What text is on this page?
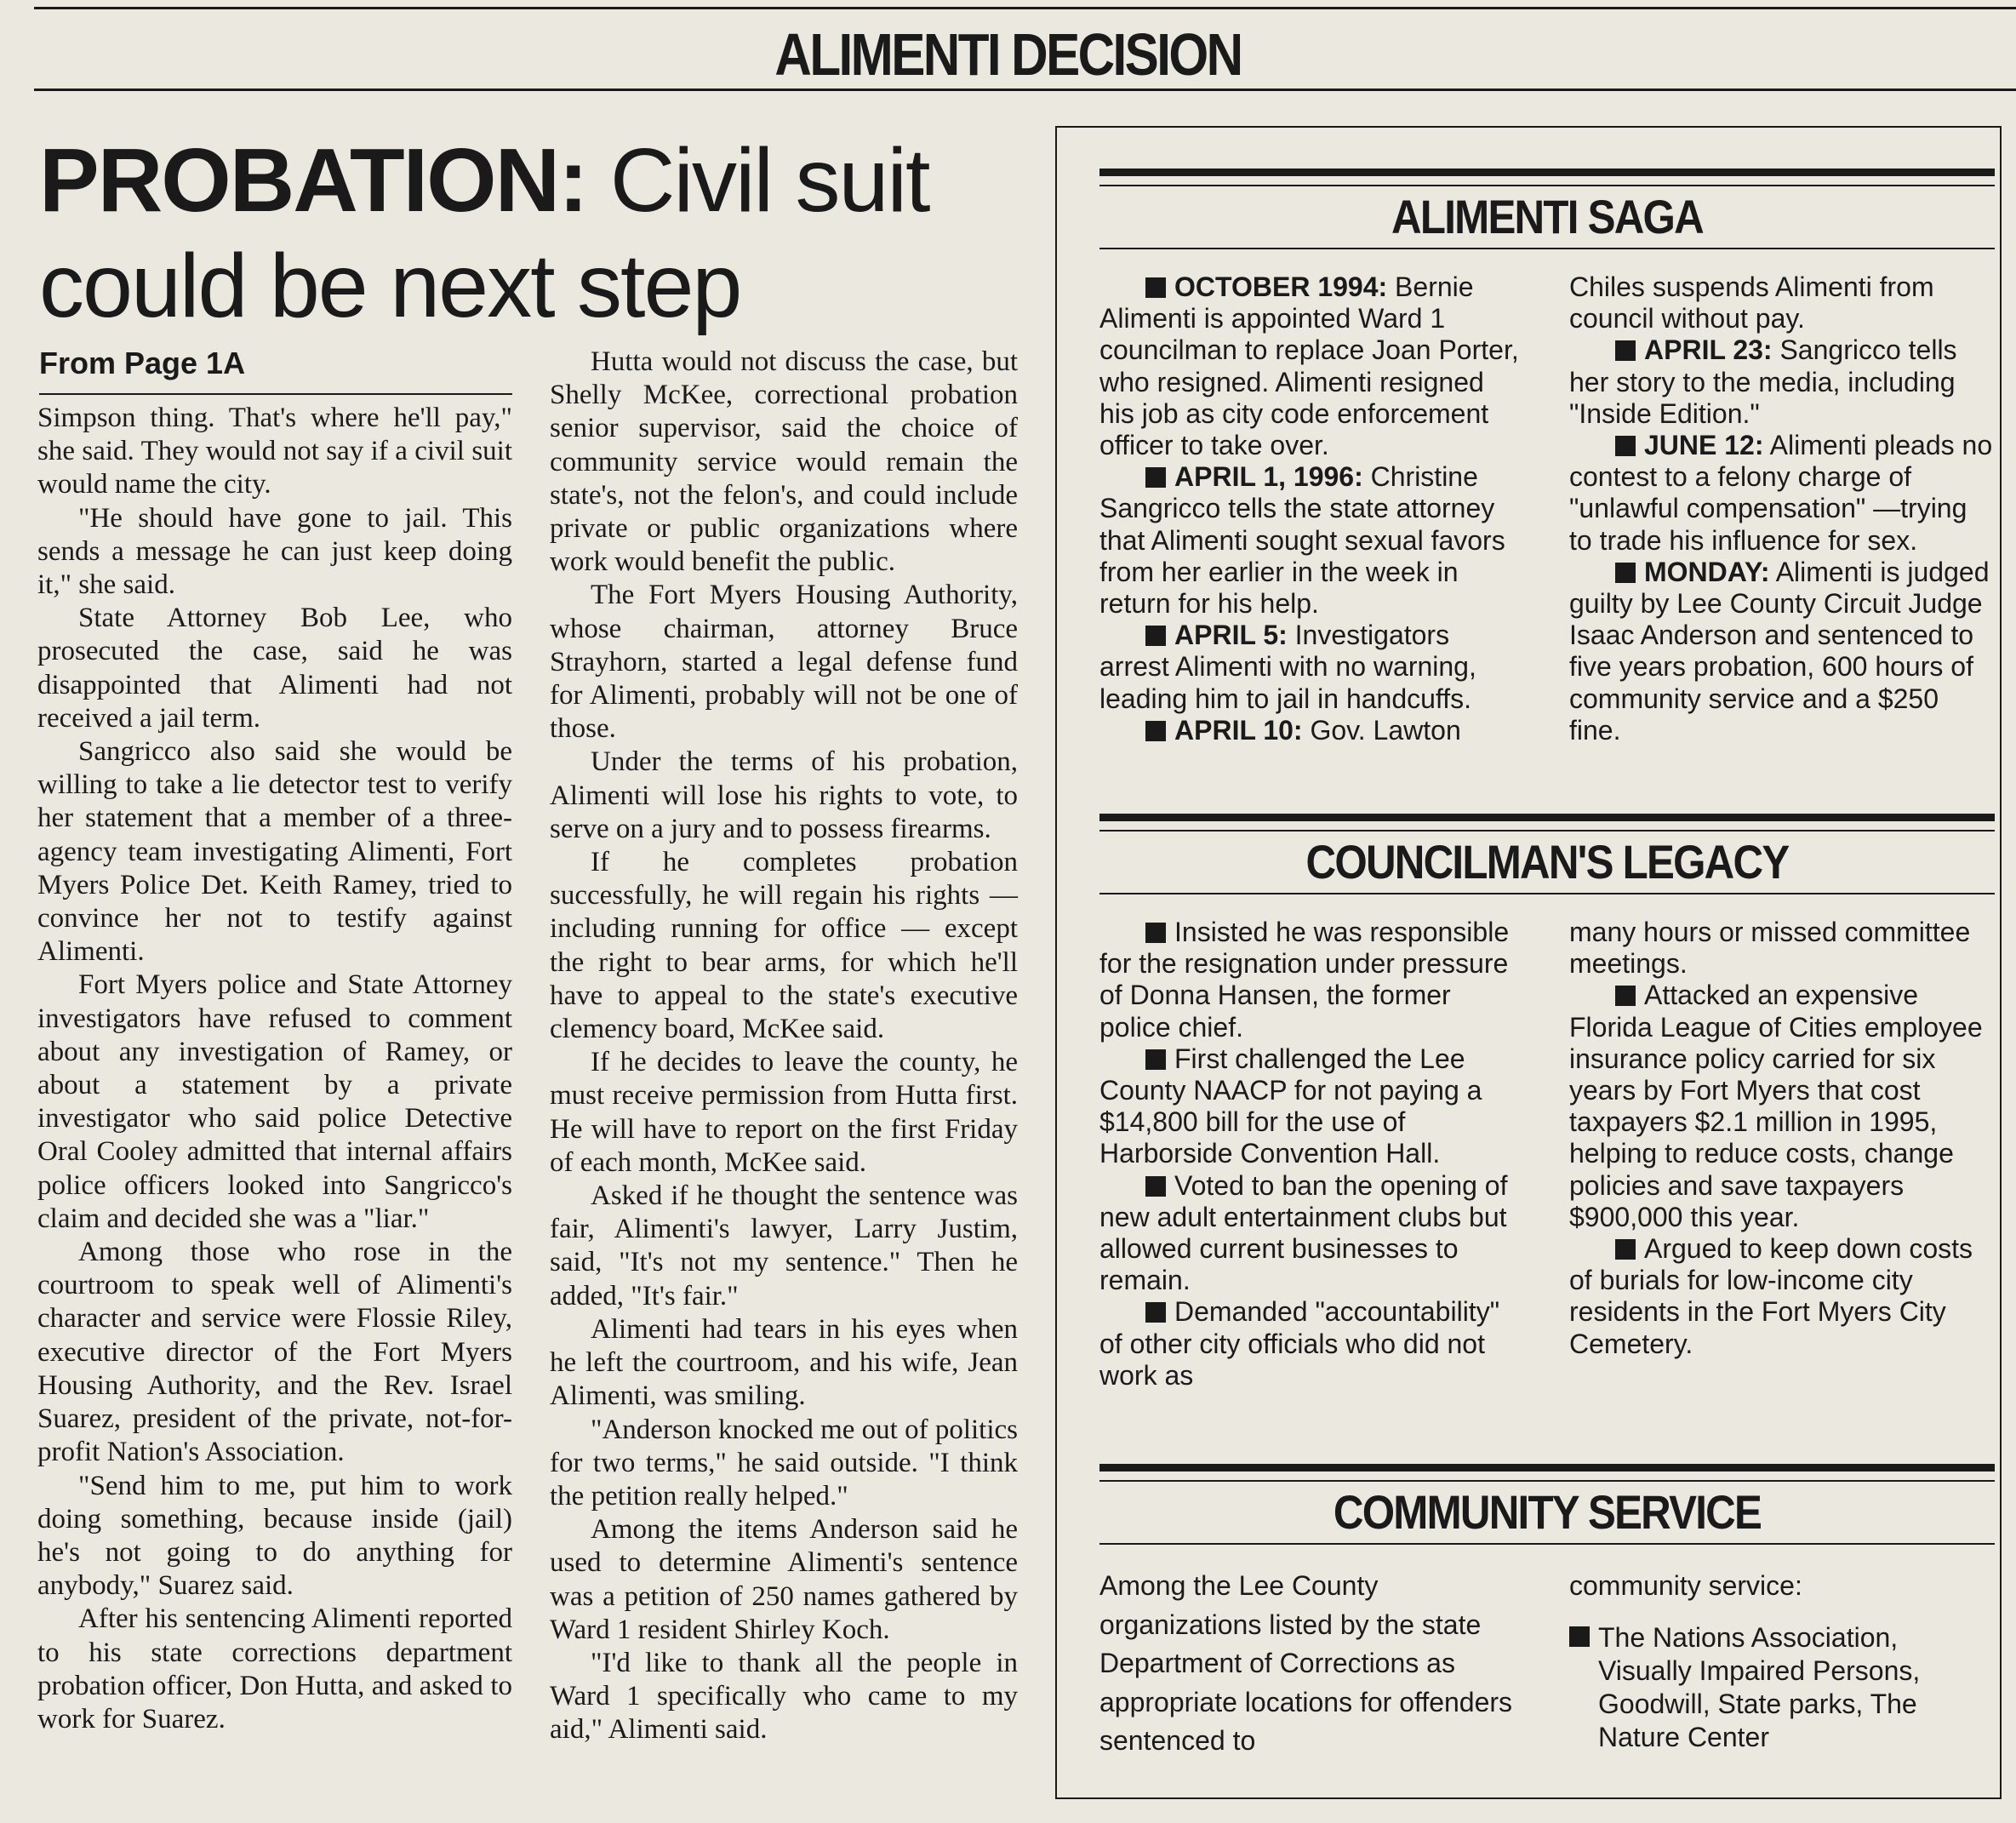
ALIMENTI DECISION
PROBATION: Civil suit could be next step
From Page 1A

Simpson thing. That's where he'll pay," she said. They would not say if a civil suit would name the city.

"He should have gone to jail. This sends a message he can just keep doing it," she said.

State Attorney Bob Lee, who prosecuted the case, said he was disappointed that Alimenti had not received a jail term.

Sangricco also said she would be willing to take a lie detector test to verify her statement that a member of a three-agency team investigating Alimenti, Fort Myers Police Det. Keith Ramey, tried to convince her not to testify against Alimenti.

Fort Myers police and State Attorney investigators have refused to comment about any investigation of Ramey, or about a statement by a private investigator who said police Detective Oral Cooley admitted that internal affairs police officers looked into Sangricco's claim and decided she was a "liar."

Among those who rose in the courtroom to speak well of Alimenti's character and service were Flossie Riley, executive director of the Fort Myers Housing Authority, and the Rev. Israel Suarez, president of the private, not-for-profit Nation's Association.

"Send him to me, put him to work doing something, because inside (jail) he's not going to do anything for anybody," Suarez said.

After his sentencing Alimenti reported to his state corrections department probation officer, Don Hutta, and asked to work for Suarez.

Hutta would not discuss the case, but Shelly McKee, correctional probation senior supervisor, said the choice of community service would remain the state's, not the felon's, and could include private or public organizations where work would benefit the public.

The Fort Myers Housing Authority, whose chairman, attorney Bruce Strayhorn, started a legal defense fund for Alimenti, probably will not be one of those.

Under the terms of his probation, Alimenti will lose his rights to vote, to serve on a jury and to possess firearms.

If he completes probation successfully, he will regain his rights —including running for office — except the right to bear arms, for which he'll have to appeal to the state's executive clemency board, McKee said.

If he decides to leave the county, he must receive permission from Hutta first. He will have to report on the first Friday of each month, McKee said.

Asked if he thought the sentence was fair, Alimenti's lawyer, Larry Justim, said, "It's not my sentence." Then he added, "It's fair."

Alimenti had tears in his eyes when he left the courtroom, and his wife, Jean Alimenti, was smiling.

"Anderson knocked me out of politics for two terms," he said outside. "I think the petition really helped."

Among the items Anderson said he used to determine Alimenti's sentence was a petition of 250 names gathered by Ward 1 resident Shirley Koch.

"I'd like to thank all the people in Ward 1 specifically who came to my aid," Alimenti said.

ALIMENTI SAGA

OCTOBER 1994: Bernie Alimenti is appointed Ward 1 councilman to replace Joan Porter, who resigned. Alimenti resigned his job as city code enforcement officer to take over.

APRIL 1, 1996: Christine Sangricco tells the state attorney that Alimenti sought sexual favors from her earlier in the week in return for his help.

APRIL 5: Investigators arrest Alimenti with no warning, leading him to jail in handcuffs.

APRIL 10: Gov. Lawton

Chiles suspends Alimenti from council without pay.

APRIL 23: Sangricco tells her story to the media, including "Inside Edition."

JUNE 12: Alimenti pleads no contest to a felony charge of "unlawful compensation" —trying to trade his influence for sex.

MONDAY: Alimenti is judged guilty by Lee County Circuit Judge Isaac Anderson and sentenced to five years probation, 600 hours of community service and a $250 fine.

COUNCILMAN'S LEGACY

Insisted he was responsible for the resignation under pressure of Donna Hansen, the former police chief.

First challenged the Lee County NAACP for not paying a $14,800 bill for the use of Harborside Convention Hall.

Voted to ban the opening of new adult entertainment clubs but allowed current businesses to remain.

Demanded "accountability" of other city officials who did not work as

many hours or missed committee meetings.

Attacked an expensive Florida League of Cities employee insurance policy carried for six years by Fort Myers that cost taxpayers $2.1 million in 1995, helping to reduce costs, change policies and save taxpayers $900,000 this year.

Argued to keep down costs of burials for low-income city residents in the Fort Myers City Cemetery.

COMMUNITY SERVICE

Among the Lee County organizations listed by the state Department of Corrections as appropriate locations for offenders sentenced to

community service:

The Nations Association, Visually Impaired Persons, Goodwill, State parks, The Nature Center
